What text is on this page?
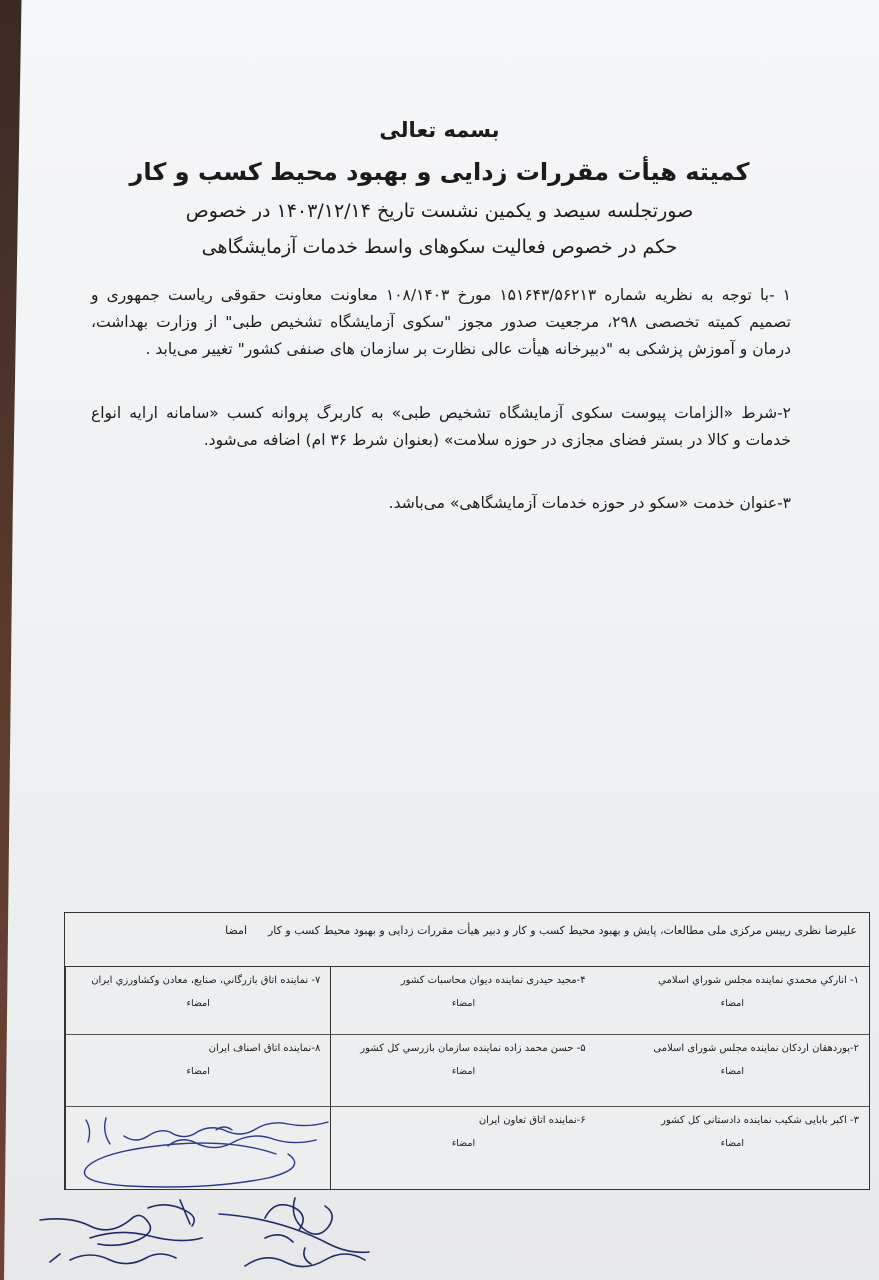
بسمه تعالی
کمیته هیأت مقررات زدایی و بهبود محیط کسب و کار
صورتجلسه سیصد و یکمین نشست تاریخ ۱۴۰۳/۱۲/۱۴ در خصوص
حکم در خصوص فعالیت سکوهای واسط خدمات آزمایشگاهی
۱ -با توجه به نظریه شماره ۱۵۱۶۴۳/۵۶۲۱۳ مورخ ۱۰۸/۱۴۰۳ معاونت معاونت حقوقی ریاست جمهوری و تصمیم کمیته تخصصی ۲۹۸، مرجعیت صدور مجوز "سکوی آزمایشگاه تشخیص طبی" از وزارت بهداشت، درمان و آموزش پزشکی به "دبیرخانه هیأت عالی نظارت بر سازمان های صنفی کشور" تغییر می‌یابد .
۲-شرط «الزامات پیوست سکوی آزمایشگاه تشخیص طبی» به کاربرگ پروانه کسب «سامانه ارایه انواع خدمات و کالا در بستر فضای مجازی در حوزه سلامت» (بعنوان شرط ۳۶ ام) اضافه می‌شود.
۳-عنوان خدمت «سکو در حوزه خدمات آزمایشگاهی» می‌باشد.
علیرضا نظری رییس مرکزی ملی مطالعات، پایش و بهبود محیط کسب و کار و دبیر هیأت مقررات زدایی و بهبود محیط کسب و کار      امضا
۱- اناركي محمدي نماينده مجلس شوراي اسلامي
امضاء
۴-مجید حیدری نماینده دیوان محاسبات کشور
امضاء
۷- نماينده اتاق بازرگاني، صنايع، معادن وكشاورزي ايران
امضاء
۲-پوردهقان اردکان نماینده مجلس شورای اسلامی
امضاء
۵- حسن محمد زاده نماينده سازمان بازرسي كل كشور
امضاء
۸-نماينده اتاق اصناف ايران
امضاء
۳- اکبر بابایی شکیب نماینده دادستانی کل کشور
امضاء
۶-نماينده اتاق تعاون ايران
امضاء
